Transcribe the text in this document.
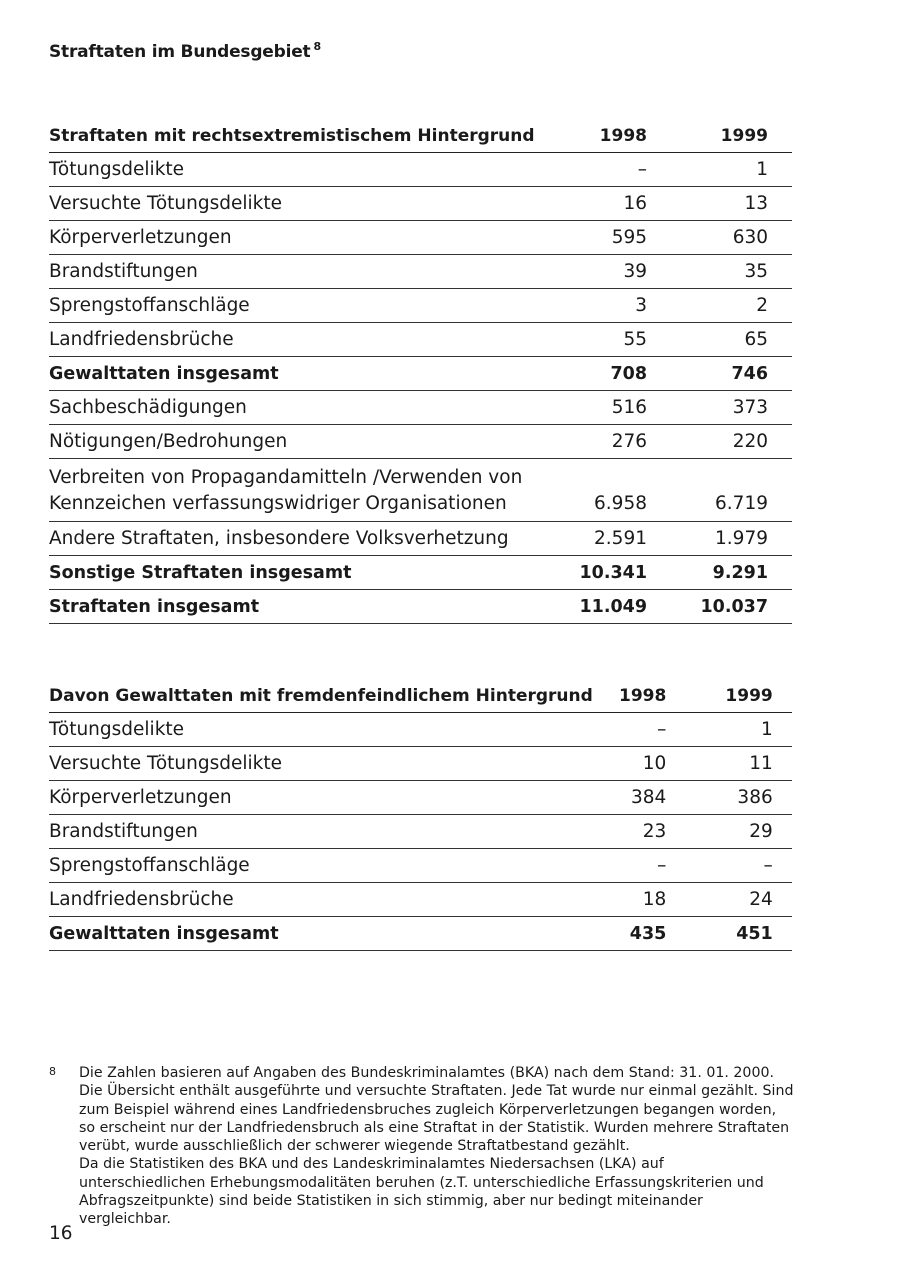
Straftaten im Bundesgebiet $^8$
Straftaten mit rechtsextremistischem Hintergrund	1998	1999	
Tötungsdelikte	–	1	
Versuchte Tötungsdelikte	16	13	
Körperverletzungen	595	630	
Brandstiftungen	39	35	
Sprengstoffanschläge	3	2	
Landfriedensbrüche	55	65	
Gewalttaten insgesamt	708	746	
Sachbeschädigungen	516	373	
Nötigungen/Bedrohungen	276	220	
Verbreiten von Propagandamitteln /Verwenden von
Kennzeichen verfassungswidriger Organisationen	6.958	6.719	
Andere Straftaten, insbesondere Volksverhetzung	2.591	1.979	
Sonstige Straftaten insgesamt	10.341	9.291	
Straftaten insgesamt	11.049	10.037	
Davon Gewalttaten mit fremdenfeindlichem Hintergrund	1998	1999	
Tötungsdelikte	–	1	
Versuchte Tötungsdelikte	10	11	
Körperverletzungen	384	386	
Brandstiftungen	23	29	
Sprengstoffanschläge	–	–	
Landfriedensbrüche	18	24	
Gewalttaten insgesamt	435	451	
8 Die Zahlen basieren auf Angaben des Bundeskriminalamtes (BKA) nach dem Stand: 31. 01. 2000. Die Übersicht enthält ausgeführte und versuchte Straftaten. Jede Tat wurde nur einmal gezählt. Sind zum Beispiel während eines Landfriedensbruches zugleich Körperverletzungen begangen worden, so erscheint nur der Landfriedensbruch als eine Straftat in der Statistik. Wurden mehrere Straftaten verübt, wurde ausschließlich der schwerer wiegende Straftatbestand gezählt.

Da die Statistiken des BKA und des Landeskriminalamtes Niedersachsen (LKA) auf unterschiedlichen Erhebungsmodalitäten beruhen (z.T. unterschiedliche Erfassungskriterien und Abfragszeitpunkte) sind beide Statistiken in sich stimmig, aber nur bedingt miteinander vergleichbar.

16
